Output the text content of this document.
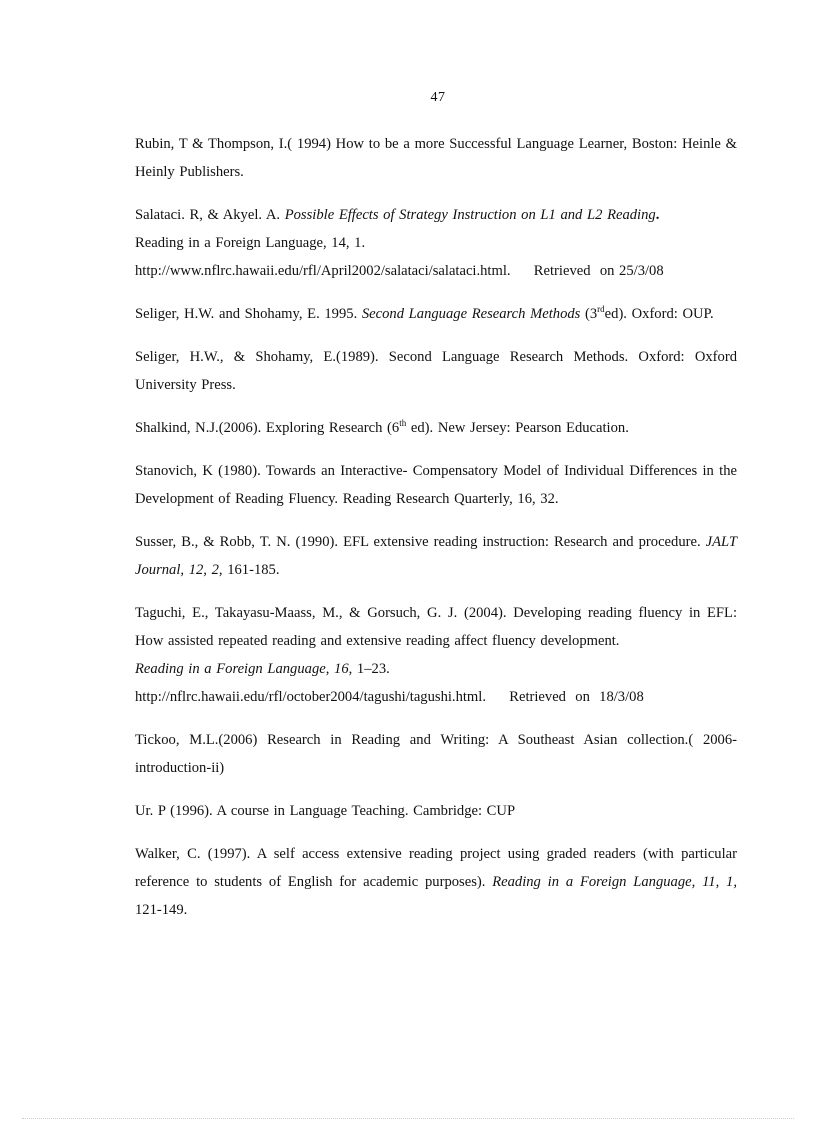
47

Rubin, T & Thompson, I.( 1994) How to be a more Successful Language Learner, Boston: Heinle & Heinly Publishers.

Salataci. R, & Akyel. A. Possible Effects of Strategy Instruction on L1 and L2 Reading.
Reading in a Foreign Language, 14, 1.
http://www.nflrc.hawaii.edu/rfl/April2002/salataci/salataci.html.     Retrieved  on 25/3/08

Seliger, H.W. and Shohamy, E. 1995. Second Language Research Methods (3rded). Oxford: OUP.

Seliger, H.W., & Shohamy, E.(1989). Second Language Research Methods. Oxford: Oxford University Press.

Shalkind, N.J.(2006). Exploring Research (6th ed). New Jersey: Pearson Education.

Stanovich, K (1980). Towards an Interactive- Compensatory Model of Individual Differences in the Development of Reading Fluency. Reading Research Quarterly, 16, 32.

Susser, B., & Robb, T. N. (1990). EFL extensive reading instruction: Research and procedure. JALT Journal, 12, 2, 161-185.

Taguchi, E., Takayasu-Maass, M., & Gorsuch, G. J. (2004). Developing reading fluency in EFL: How assisted repeated reading and extensive reading affect fluency development.
Reading in a Foreign Language, 16, 1–23.
http://nflrc.hawaii.edu/rfl/october2004/tagushi/tagushi.html.     Retrieved  on  18/3/08

Tickoo, M.L.(2006) Research in Reading and Writing: A Southeast Asian collection.( 2006-introduction-ii)

Ur. P (1996). A course in Language Teaching. Cambridge: CUP

Walker, C. (1997). A self access extensive reading project using graded readers (with particular reference to students of English for academic purposes). Reading in a Foreign Language, 11, 1, 121-149.
